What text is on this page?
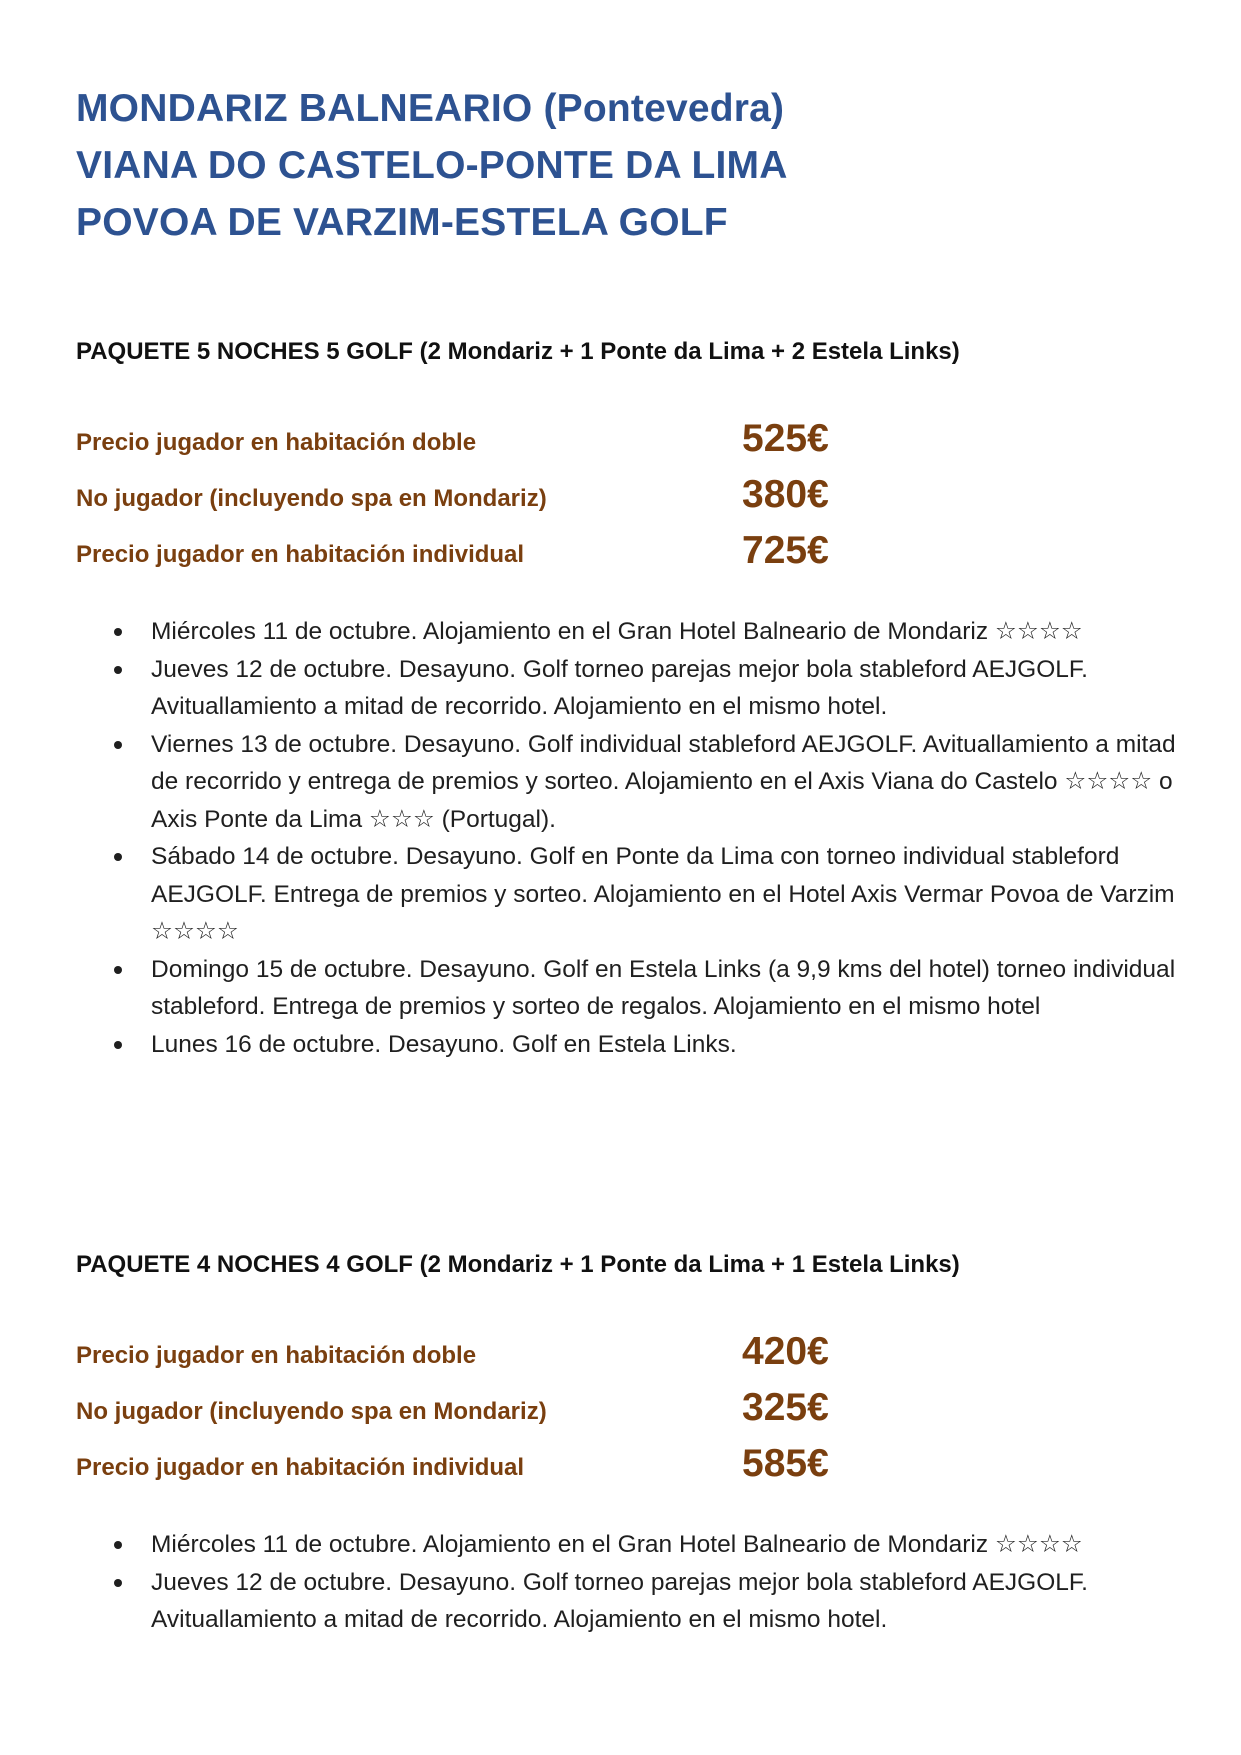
MONDARIZ BALNEARIO (Pontevedra)
VIANA DO CASTELO-PONTE DA LIMA
POVOA DE VARZIM-ESTELA GOLF
PAQUETE 5 NOCHES 5 GOLF (2 Mondariz + 1 Ponte da Lima + 2 Estela Links)
Precio jugador en habitación doble	525€
No jugador (incluyendo spa en Mondariz)	380€
Precio jugador en habitación individual	725€
Miércoles 11 de octubre. Alojamiento en el Gran Hotel Balneario de Mondariz ☆☆☆☆
Jueves 12 de octubre. Desayuno. Golf torneo parejas mejor bola stableford AEJGOLF. Avituallamiento a mitad de recorrido. Alojamiento en el mismo hotel.
Viernes 13 de octubre. Desayuno. Golf individual stableford AEJGOLF. Avituallamiento a mitad de recorrido y entrega de premios y sorteo. Alojamiento en el Axis Viana do Castelo ☆☆☆☆ o Axis Ponte da Lima ☆☆☆ (Portugal).
Sábado 14 de octubre. Desayuno. Golf en Ponte da Lima con torneo individual stableford AEJGOLF. Entrega de premios y sorteo. Alojamiento en el Hotel Axis Vermar Povoa de Varzim ☆☆☆☆
Domingo 15 de octubre. Desayuno. Golf en Estela Links (a 9,9 kms del hotel) torneo individual stableford. Entrega de premios y sorteo de regalos. Alojamiento en el mismo hotel
Lunes 16 de octubre. Desayuno. Golf en Estela Links.
PAQUETE 4 NOCHES 4 GOLF (2 Mondariz + 1 Ponte da Lima + 1 Estela Links)
Precio jugador en habitación doble	420€
No jugador (incluyendo spa en Mondariz)	325€
Precio jugador en habitación individual	585€
Miércoles 11 de octubre. Alojamiento en el Gran Hotel Balneario de Mondariz ☆☆☆☆
Jueves 12 de octubre. Desayuno. Golf torneo parejas mejor bola stableford AEJGOLF. Avituallamiento a mitad de recorrido. Alojamiento en el mismo hotel.
